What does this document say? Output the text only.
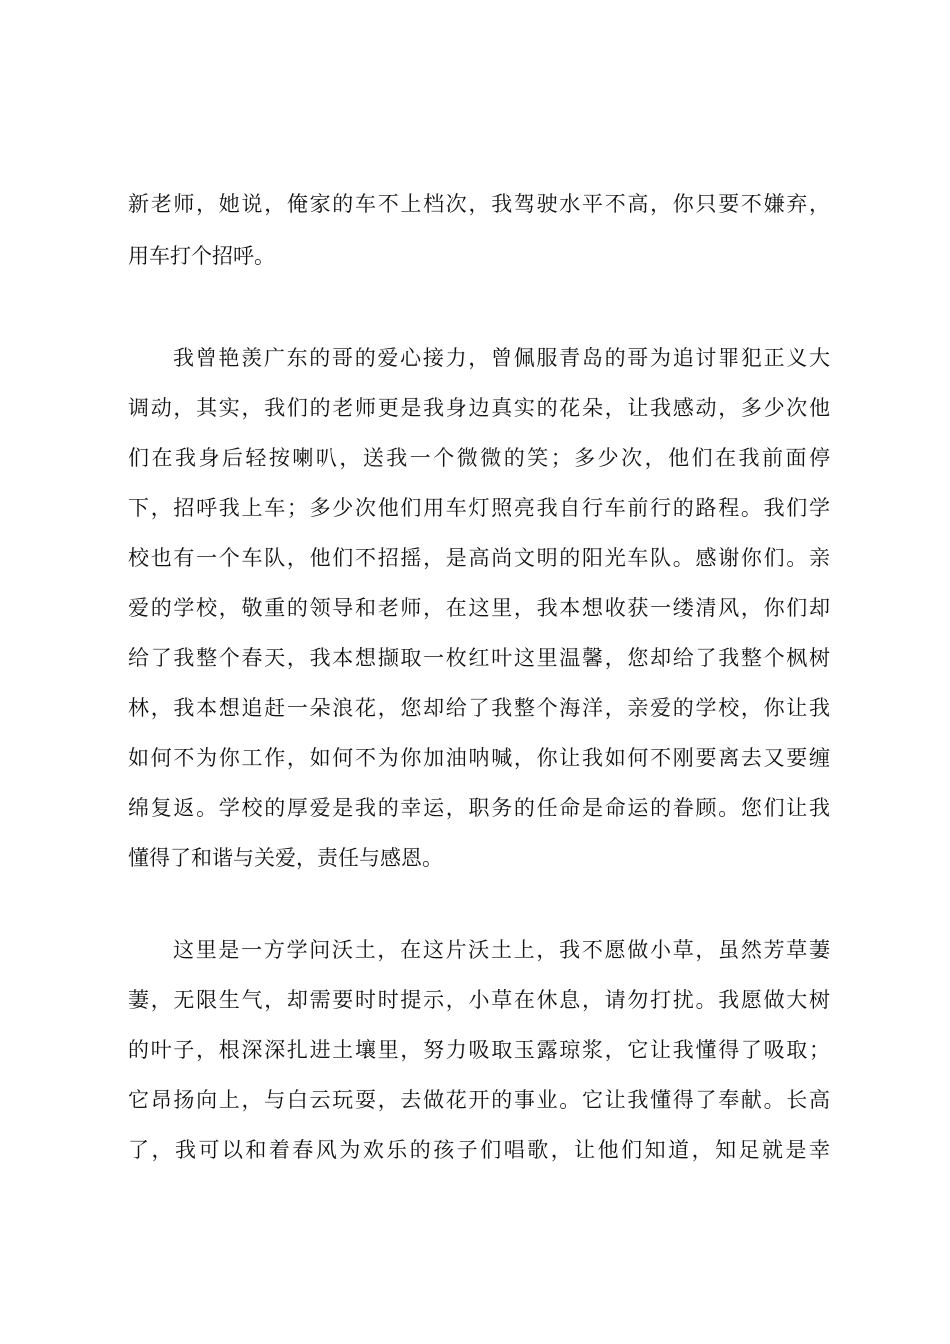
新老师，她说，俺家的车不上档次，我驾驶水平不高，你只要不嫌弃，
用车打个招呼。
我曾艳羡广东的哥的爱心接力，曾佩服青岛的哥为追讨罪犯正义大
调动，其实，我们的老师更是我身边真实的花朵，让我感动，多少次他
们在我身后轻按喇叭，送我一个微微的笑；多少次，他们在我前面停
下，招呼我上车；多少次他们用车灯照亮我自行车前行的路程。我们学
校也有一个车队，他们不招摇，是高尚文明的阳光车队。感谢你们。亲
爱的学校，敬重的领导和老师，在这里，我本想收获一缕清风，你们却
给了我整个春天，我本想撷取一枚红叶这里温馨，您却给了我整个枫树
林，我本想追赶一朵浪花，您却给了我整个海洋，亲爱的学校，你让我
如何不为你工作，如何不为你加油呐喊，你让我如何不刚要离去又要缠
绵复返。学校的厚爱是我的幸运，职务的任命是命运的眷顾。您们让我
懂得了和谐与关爱，责任与感恩。
这里是一方学问沃土，在这片沃土上，我不愿做小草，虽然芳草萋
萋，无限生气，却需要时时提示，小草在休息，请勿打扰。我愿做大树
的叶子，根深深扎进土壤里，努力吸取玉露琼浆，它让我懂得了吸取；
它昂扬向上，与白云玩耍，去做花开的事业。它让我懂得了奉献。长高
了，我可以和着春风为欢乐的孩子们唱歌，让他们知道，知足就是幸
